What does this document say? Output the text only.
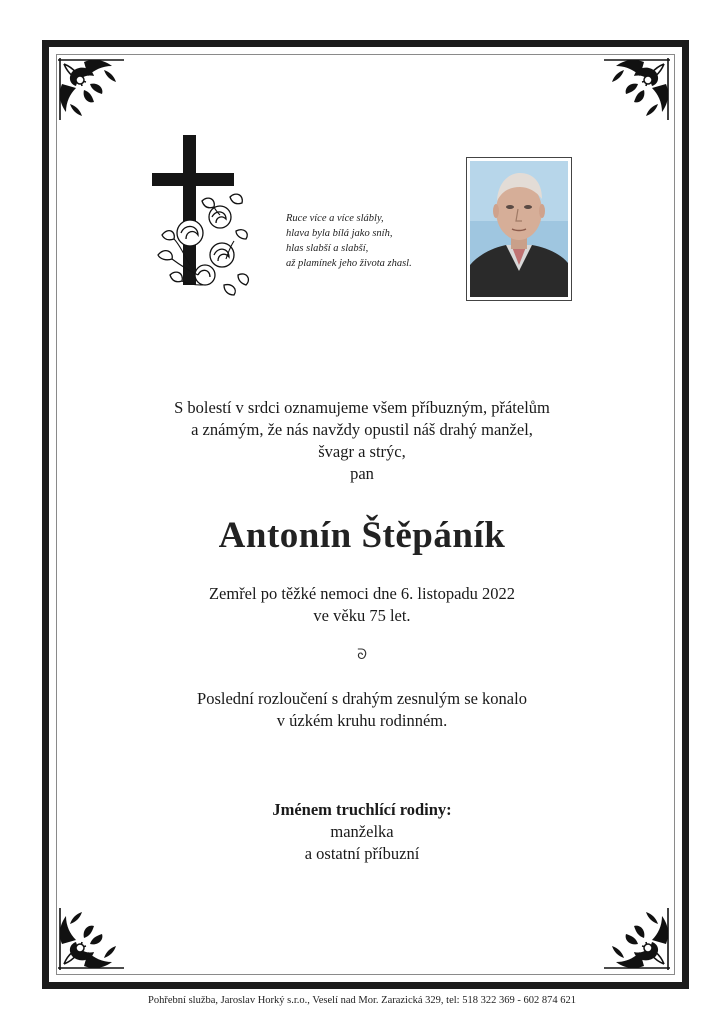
Ruce více a více slábly,
hlava byla bílá jako sníh,
hlas slabší a slabší,
až plamínek jeho života zhasl.
S bolestí v srdci oznamujeme všem příbuzným, přátelům
a známým, že nás navždy opustil náš drahý manžel,
švagr a strýc,
pan
Antonín Štěpáník
Zemřel po těžké nemoci dne 6. listopadu 2022
ve věku 75 let.
ᘐ
Poslední rozloučení s drahým zesnulým se konalo
v úzkém kruhu rodinném.
Jménem truchlící rodiny:
manželka
a ostatní příbuzní
Pohřební služba, Jaroslav Horký s.r.o., Veselí nad Mor. Zarazická 329, tel: 518 322 369 - 602 874 621
